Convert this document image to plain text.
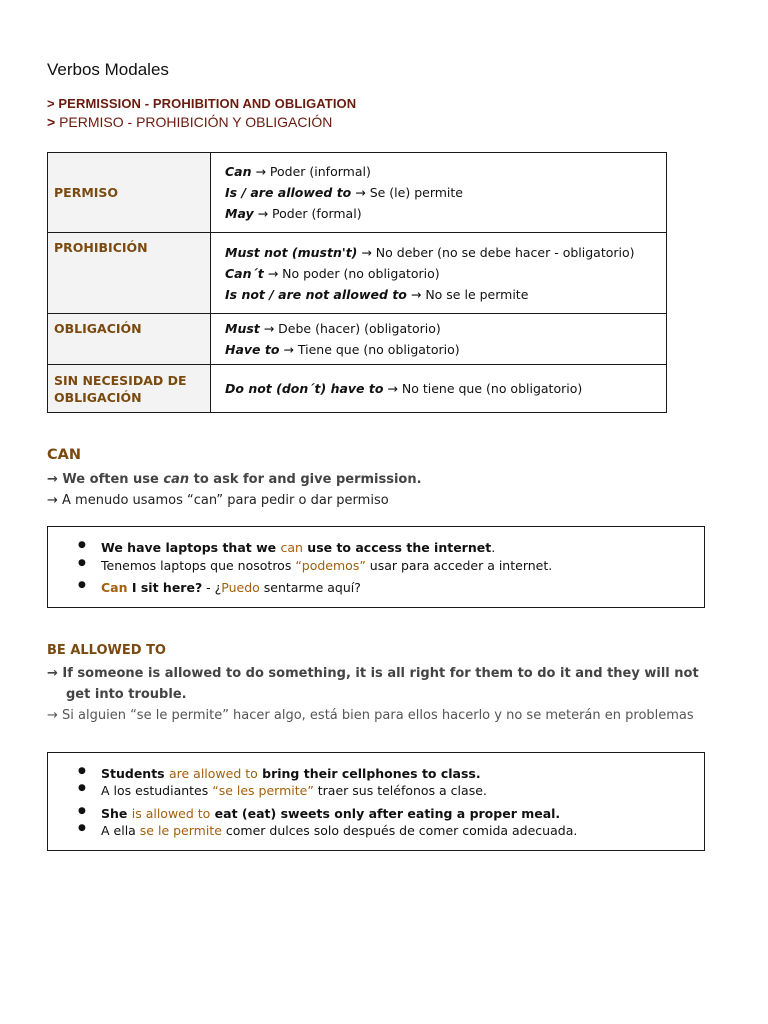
Verbos Modales
> PERMISSION - PROHIBITION AND OBLIGATION
> PERMISO - PROHIBICIÓN Y OBLIGACIÓN
PERMISO	Can → Poder (informal)
Is / are allowed to → Se (le) permite
May → Poder (formal)

PROHIBICIÓN	Must not (mustn't) → No deber (no se debe hacer - obligatorio)
Can´t → No poder (no obligatorio)
Is not / are not allowed to → No se le permite

OBLIGACIÓN	Must → Debe (hacer) (obligatorio)
Have to → Tiene que (no obligatorio)

SIN NECESIDAD DE OBLIGACIÓN	Do not (don´t) have to → No tiene que (no obligatorio)
CAN
→ We often use can to ask for and give permission.
→ A menudo usamos “can” para pedir o dar permiso
● We have laptops that we can use to access the internet.
● Tenemos laptops que nosotros “podemos” usar para acceder a internet.
● Can I sit here? - ¿Puedo sentarme aquí?
BE ALLOWED TO
→ If someone is allowed to do something, it is all right for them to do it and they will not
get into trouble.
→ Si alguien “se le permite” hacer algo, está bien para ellos hacerlo y no se meterán en problemas
● Students are allowed to bring their cellphones to class.
● A los estudiantes “se les permite” traer sus teléfonos a clase.
● She is allowed to eat (eat) sweets only after eating a proper meal.
● A ella se le permite comer dulces solo después de comer comida adecuada.
